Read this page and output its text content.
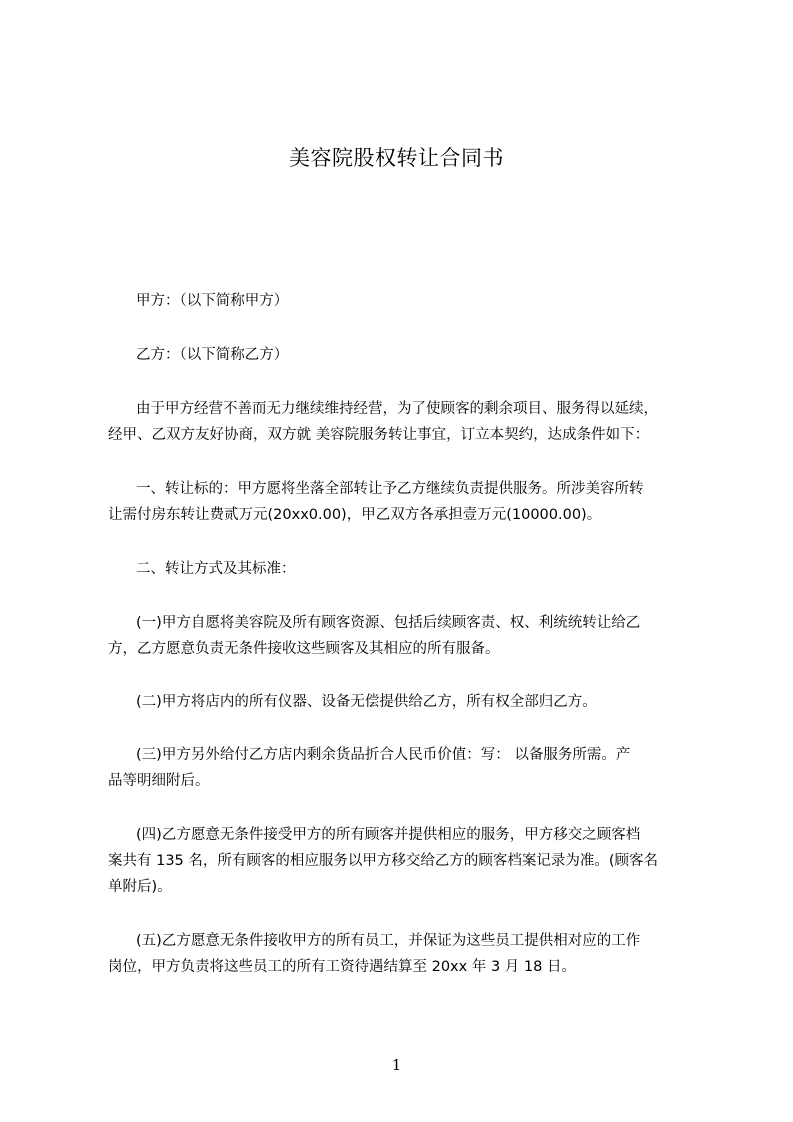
美容院股权转让合同书
甲方：（以下简称甲方）
乙方：（以下简称乙方）
由于甲方经营不善而无力继续维持经营，为了使顾客的剩余项目、服务得以延续，
经甲、乙双方友好协商，双方就 美容院服务转让事宜，订立本契约，达成条件如下：
一、转让标的：甲方愿将坐落全部转让予乙方继续负责提供服务。所涉美容所转
让需付房东转让费贰万元(20xx0.00)，甲乙双方各承担壹万元(10000.00)。
二、转让方式及其标准：
(一)甲方自愿将美容院及所有顾客资源、包括后续顾客责、权、利统统转让给乙
方，乙方愿意负责无条件接收这些顾客及其相应的所有服备。
(二)甲方将店内的所有仪器、设备无偿提供给乙方，所有权全部归乙方。
(三)甲方另外给付乙方店内剩余货品折合人民币价值：写： 以备服务所需。产
品等明细附后。
(四)乙方愿意无条件接受甲方的所有顾客并提供相应的服务，甲方移交之顾客档
案共有 135 名，所有顾客的相应服务以甲方移交给乙方的顾客档案记录为准。(顾客名
单附后)。
(五)乙方愿意无条件接收甲方的所有员工，并保证为这些员工提供相对应的工作
岗位，甲方负责将这些员工的所有工资待遇结算至 20xx 年 3 月 18 日。
1
